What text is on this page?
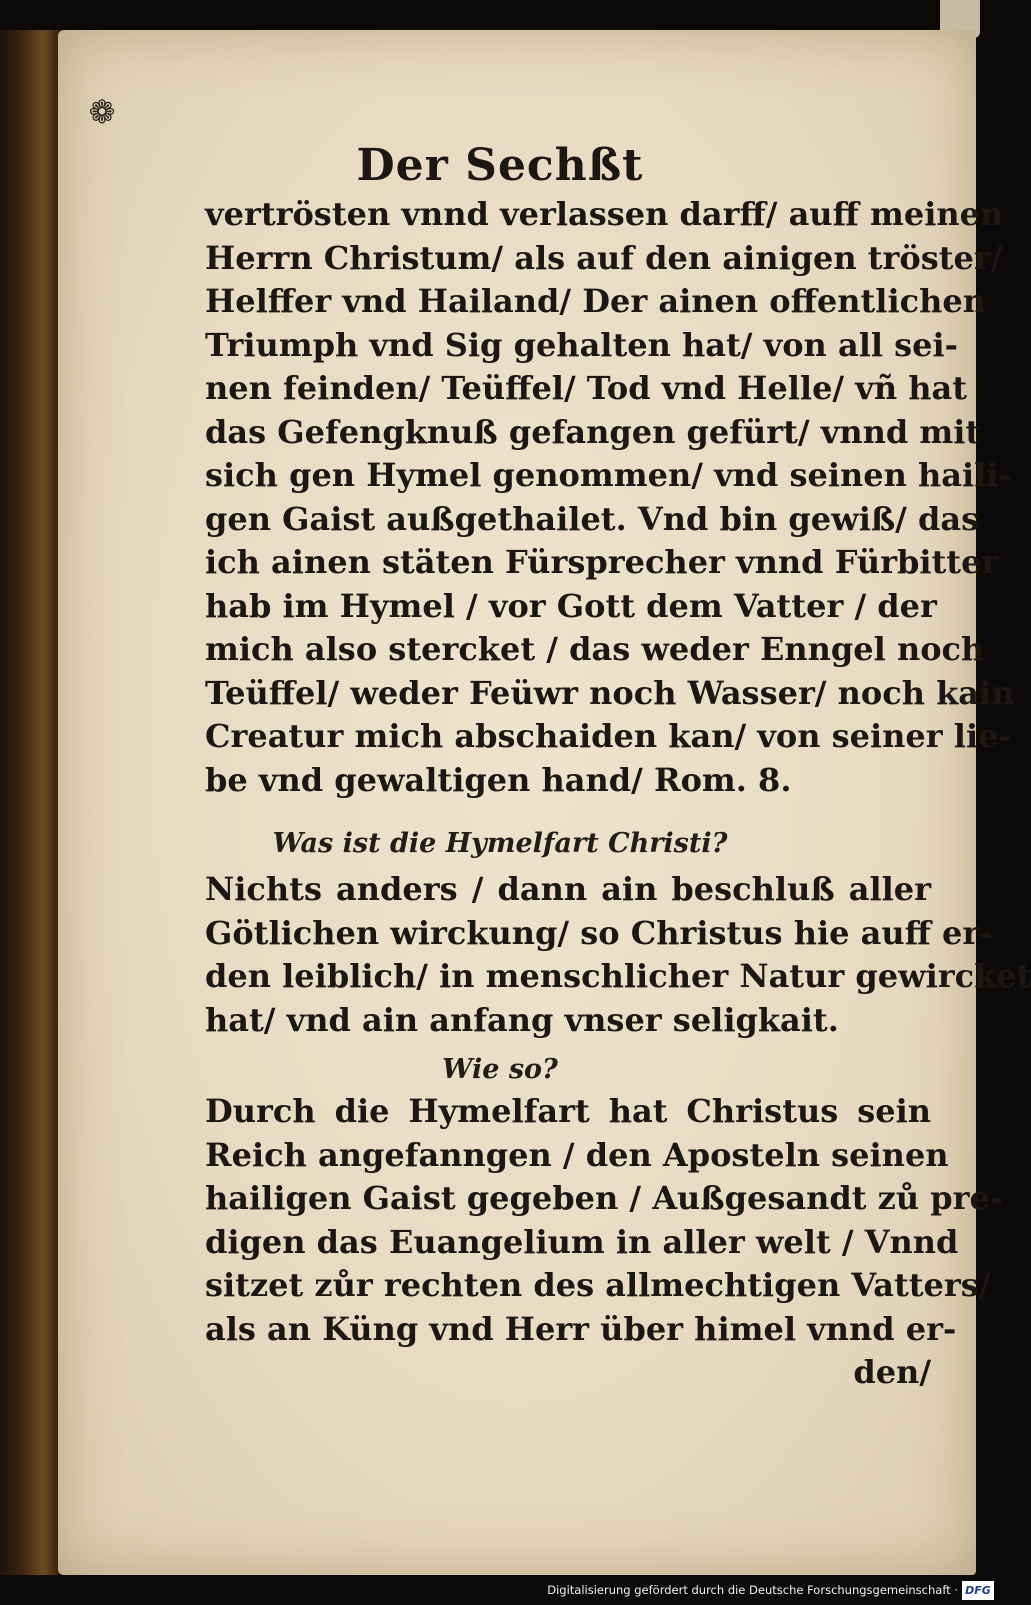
❁
Der Sechßt
vertrösten vnnd verlassen darff/ auff meinen
Herrn Christum/ als auf den ainigen tröster/
Helffer vnd Hailand/ Der ainen offentlichen
Triumph vnd Sig gehalten hat/ von all sei-
nen feinden/ Teüffel/ Tod vnd Helle/ vñ hat
das Gefengknuß gefangen gefürt/ vnnd mit
sich gen Hymel genommen/ vnd seinen haili-
gen Gaist außgethailet. Vnd bin gewiß/ das
ich ainen stäten Fürsprecher vnnd Fürbitter
hab im Hymel / vor Gott dem Vatter / der
mich also stercket / das weder Enngel noch
Teüffel/ weder Feüwr noch Wasser/ noch kain
Creatur mich abschaiden kan/ von seiner lie-
be vnd gewaltigen hand/ Rom. 8.
Was ist die Hymelfart Christi?
Nichts anders / dann ain beschluß aller
Götlichen wirckung/ so Christus hie auff er-
den leiblich/ in menschlicher Natur gewircket
hat/ vnd ain anfang vnser seligkait.
Wie so?
Durch die Hymelfart hat Christus sein
Reich angefanngen / den Aposteln seinen
hailigen Gaist gegeben / Außgesandt zů pre-
digen das Euangelium in aller welt / Vnnd
sitzet zůr rechten des allmechtigen Vatters/
als an Küng vnd Herr über himel vnnd er-
den/
Digitalisierung gefördert durch die Deutsche Forschungsgemeinschaft · DFG
